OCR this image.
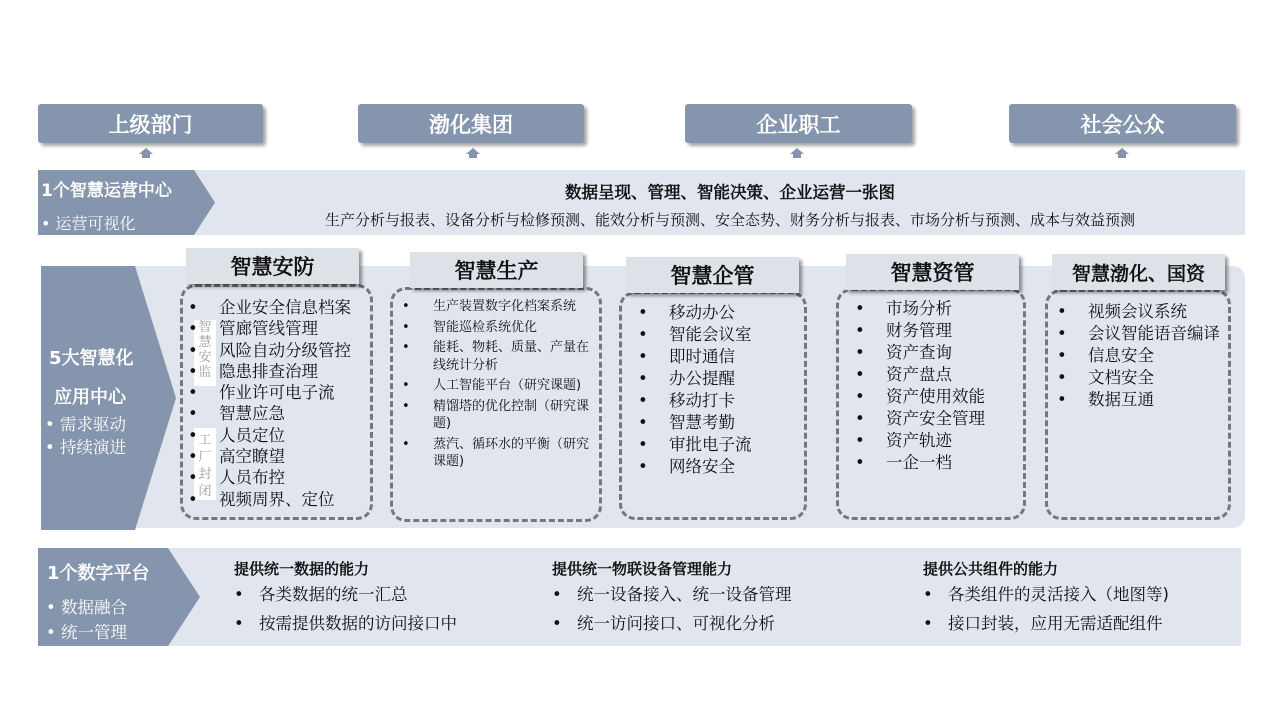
上级部门	渤化集团	企业职工	社会公众
1个智慧运营中心
• 运营可视化
数据呈现、管理、智能决策、企业运营一张图
生产分析与报表、设备分析与检修预测、能效分析与预测、安全态势、财务分析与报表、市场分析与预测、成本与效益预测
5大智慧化
应用中心
• 需求驱动
• 持续演进
智慧安防
智慧安监
工厂封闭
• 企业安全信息档案
• 管廊管线管理
• 风险自动分级管控
• 隐患排查治理
• 作业许可电子流
• 智慧应急
• 人员定位
• 高空瞭望
• 人员布控
• 视频周界、定位
智慧生产
• 生产装置数字化档案系统
• 智能巡检系统优化
• 能耗、物耗、质量、产量在线统计分析
• 人工智能平台（研究课题)
• 精馏塔的优化控制（研究课题)
• 蒸汽、循环水的平衡（研究课题)
智慧企管
• 移动办公
• 智能会议室
• 即时通信
• 办公提醒
• 移动打卡
• 智慧考勤
• 审批电子流
• 网络安全
智慧资管
• 市场分析
• 财务管理
• 资产查询
• 资产盘点
• 资产使用效能
• 资产安全管理
• 资产轨迹
• 一企一档
智慧渤化、国资
• 视频会议系统
• 会议智能语音编译
• 信息安全
• 文档安全
• 数据互通
1个数字平台
• 数据融合
• 统一管理
提供统一数据的能力
• 各类数据的统一汇总
• 按需提供数据的访问接口中
提供统一物联设备管理能力
• 统一设备接入、统一设备管理
• 统一访问接口、可视化分析
提供公共组件的能力
• 各类组件的灵活接入（地图等)
• 接口封装，应用无需适配组件
